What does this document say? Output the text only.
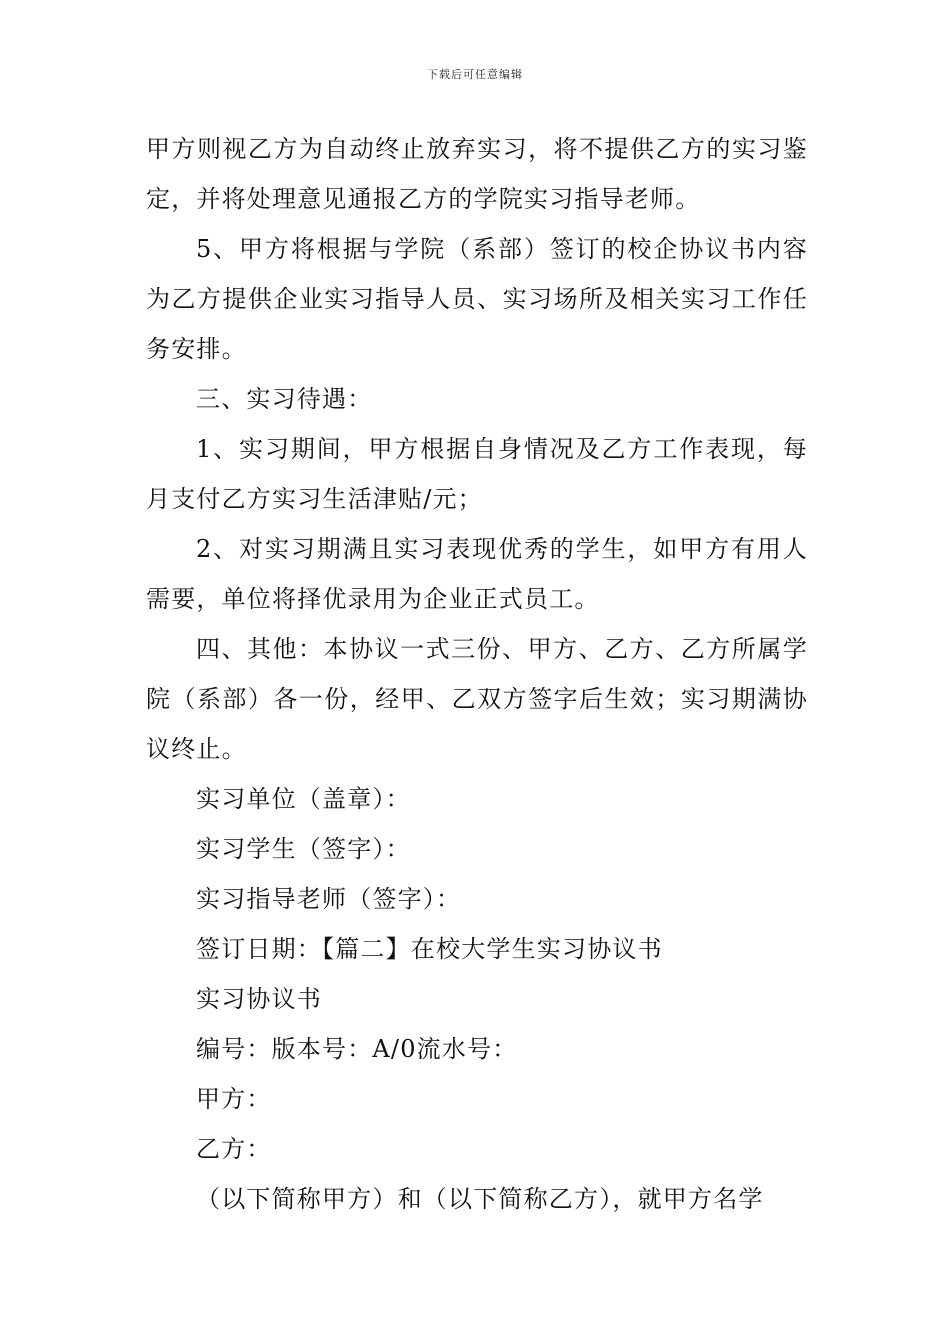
下载后可任意编辑

甲方则视乙方为自动终止放弃实习，将不提供乙方的实习鉴定，并将处理意见通报乙方的学院实习指导老师。

5、甲方将根据与学院（系部）签订的校企协议书内容为乙方提供企业实习指导人员、实习场所及相关实习工作任务安排。

三、实习待遇：

1、实习期间，甲方根据自身情况及乙方工作表现，每月支付乙方实习生活津贴/元；

2、对实习期满且实习表现优秀的学生，如甲方有用人需要，单位将择优录用为企业正式员工。

四、其他：本协议一式三份、甲方、乙方、乙方所属学院（系部）各一份，经甲、乙双方签字后生效；实习期满协议终止。

实习单位（盖章）：

实习学生（签字）：

实习指导老师（签字）：

签订日期：【篇二】在校大学生实习协议书

实习协议书

编号：版本号：A/0流水号：

甲方：

乙方：

（以下简称甲方）和（以下简称乙方），就甲方名学
